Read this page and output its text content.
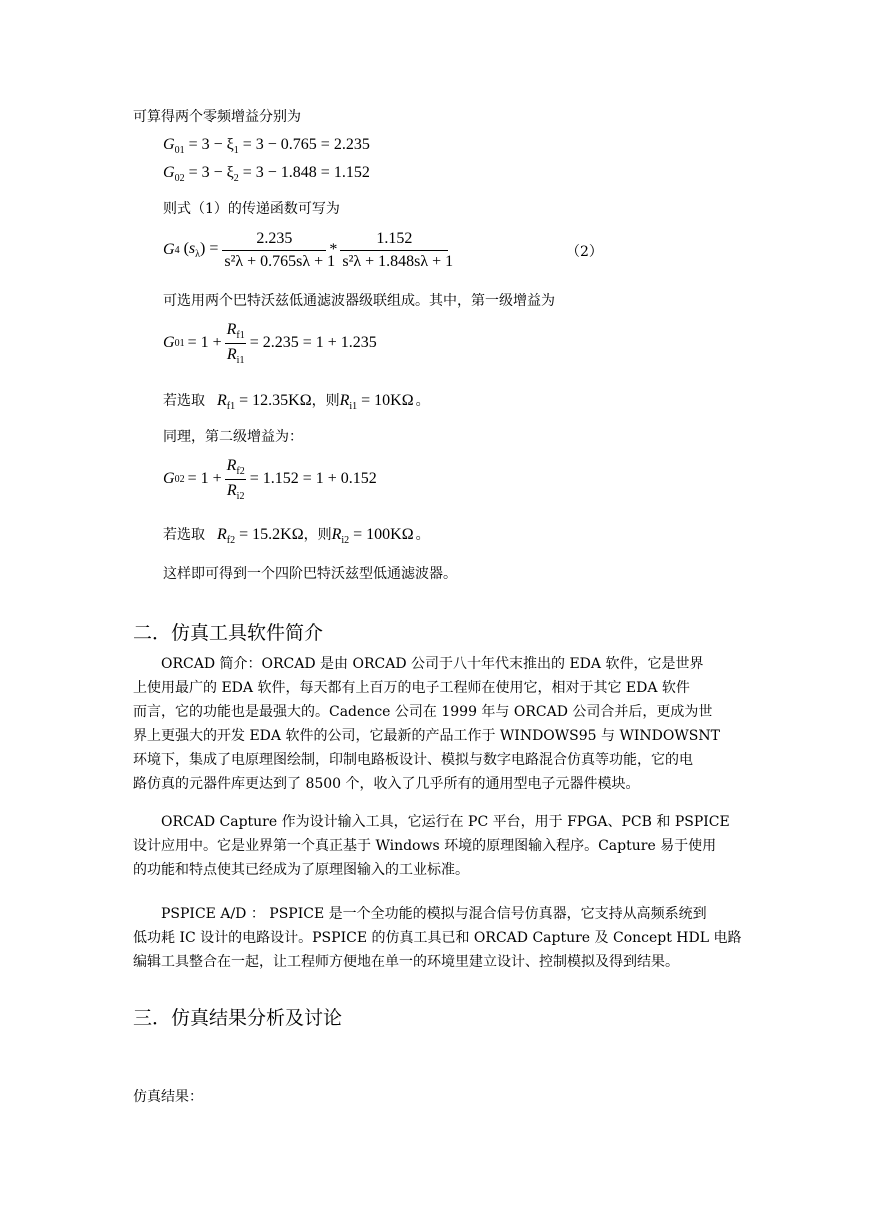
可算得两个零频增益分别为
$G_{01} = 3 - \xi_1 = 3 - 0.765 = 2.235$
$G_{02} = 3 - \xi_2 = 3 - 1.848 = 1.152$
则式（1）的传递函数可写为
G 4 $(s_\lambda) = \frac{2.235}{\text{s²λ + 0.765sλ + 1}} * \frac{1.152}{\text{s²λ + 1.848sλ + 1}}$	（2）
可选用两个巴特沃兹低通滤波器级联组成。其中，第一级增益为
G $01 = 1 + \frac{R_{f1}}{R_{i1}} = 2.235 = 1 + 1.235$
若选取 $R_{f1} = 12.35K\Omega$ ，则 $R_{i1} = 10K\Omega$ 。
同理，第二级增益为：
G $02 = 1 + \frac{R_{f2}}{R_{i2}} = 1.152 = 1 + 0.152$
若选取 $R_{f2} = 15.2K\Omega$ ，则 $R_{i2} = 100K\Omega$ 。
这样即可得到一个四阶巴特沃兹型低通滤波器。
二．仿真工具软件简介
ORCAD 简介：ORCAD 是由 ORCAD 公司于八十年代末推出的 EDA 软件，它是世界
上使用最广的 EDA 软件，每天都有上百万的电子工程师在使用它，相对于其它 EDA 软件
而言，它的功能也是最强大的。Cadence 公司在 1999 年与 ORCAD 公司合并后，更成为世
界上更强大的开发 EDA 软件的公司，它最新的产品工作于 WINDOWS95 与 WINDOWSNT
环境下，集成了电原理图绘制，印制电路板设计、模拟与数字电路混合仿真等功能，它的电
路仿真的元器件库更达到了 8500 个，收入了几乎所有的通用型电子元器件模块。
ORCAD Capture 作为设计输入工具，它运行在 PC 平台，用于 FPGA、PCB 和 PSPICE
设计应用中。它是业界第一个真正基于 Windows 环境的原理图输入程序。Capture 易于使用
的功能和特点使其已经成为了原理图输入的工业标准。
PSPICE A/D ： PSPICE 是一个全功能的模拟与混合信号仿真器，它支持从高频系统到
低功耗 IC 设计的电路设计。PSPICE 的仿真工具已和 ORCAD Capture 及 Concept HDL 电路
编辑工具整合在一起，让工程师方便地在单一的环境里建立设计、控制模拟及得到结果。
三．仿真结果分析及讨论
仿真结果：
